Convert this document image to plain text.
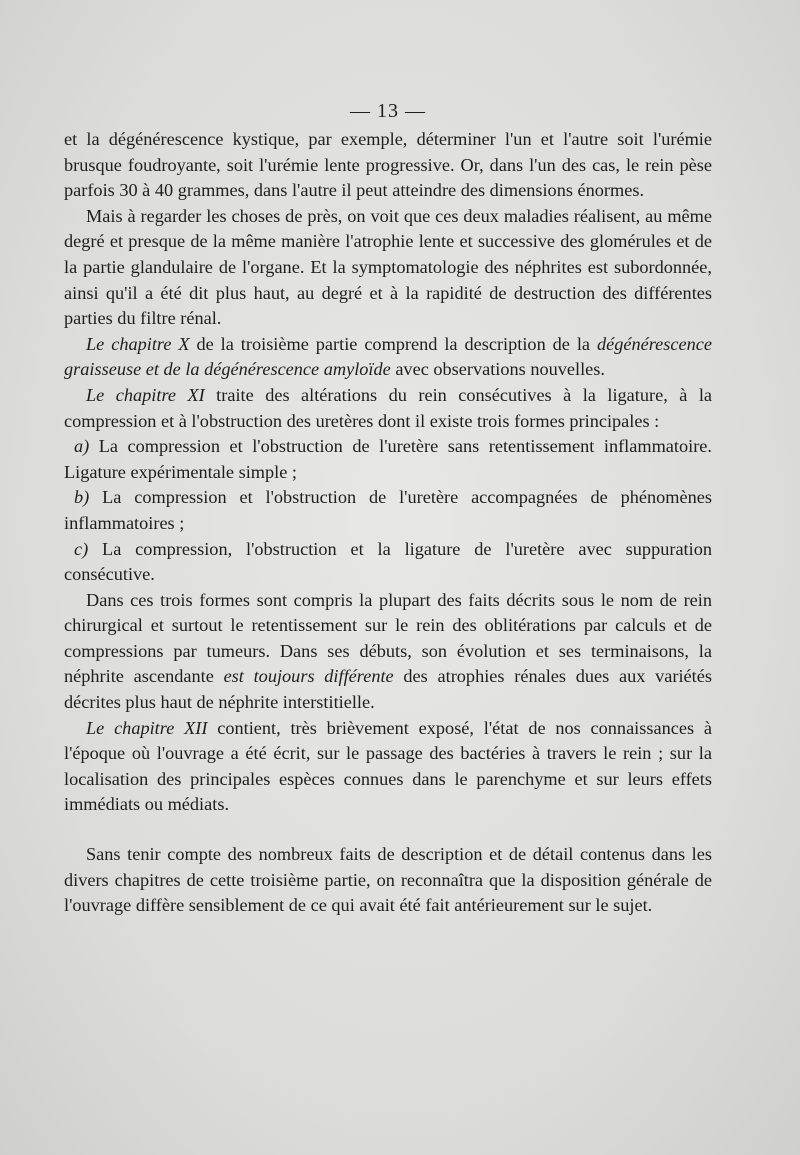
— 13 —

et la dégénérescence kystique, par exemple, déterminer l'un et l'autre soit l'urémie brusque foudroyante, soit l'urémie lente progressive. Or, dans l'un des cas, le rein pèse parfois 30 à 40 grammes, dans l'autre il peut atteindre des dimensions énormes.

Mais à regarder les choses de près, on voit que ces deux maladies réalisent, au même degré et presque de la même manière l'atrophie lente et successive des glomérules et de la partie glandulaire de l'organe. Et la symptomatologie des néphrites est subordonnée, ainsi qu'il a été dit plus haut, au degré et à la rapidité de destruction des différentes parties du filtre rénal.

Le chapitre X de la troisième partie comprend la description de la dégénérescence graisseuse et de la dégénérescence amyloïde avec observations nouvelles.

Le chapitre XI traite des altérations du rein consécutives à la ligature, à la compression et à l'obstruction des uretères dont il existe trois formes principales :

a) La compression et l'obstruction de l'uretère sans retentissement inflammatoire. Ligature expérimentale simple ;

b) La compression et l'obstruction de l'uretère accompagnées de phénomènes inflammatoires ;

c) La compression, l'obstruction et la ligature de l'uretère avec suppuration consécutive.

Dans ces trois formes sont compris la plupart des faits décrits sous le nom de rein chirurgical et surtout le retentissement sur le rein des oblitérations par calculs et de compressions par tumeurs. Dans ses débuts, son évolution et ses terminaisons, la néphrite ascendante est toujours différente des atrophies rénales dues aux variétés décrites plus haut de néphrite interstitielle.

Le chapitre XII contient, très brièvement exposé, l'état de nos connaissances à l'époque où l'ouvrage a été écrit, sur le passage des bactéries à travers le rein ; sur la localisation des principales espèces connues dans le parenchyme et sur leurs effets immédiats ou médiats.

Sans tenir compte des nombreux faits de description et de détail contenus dans les divers chapitres de cette troisième partie, on reconnaîtra que la disposition générale de l'ouvrage diffère sensiblement de ce qui avait été fait antérieurement sur le sujet.
